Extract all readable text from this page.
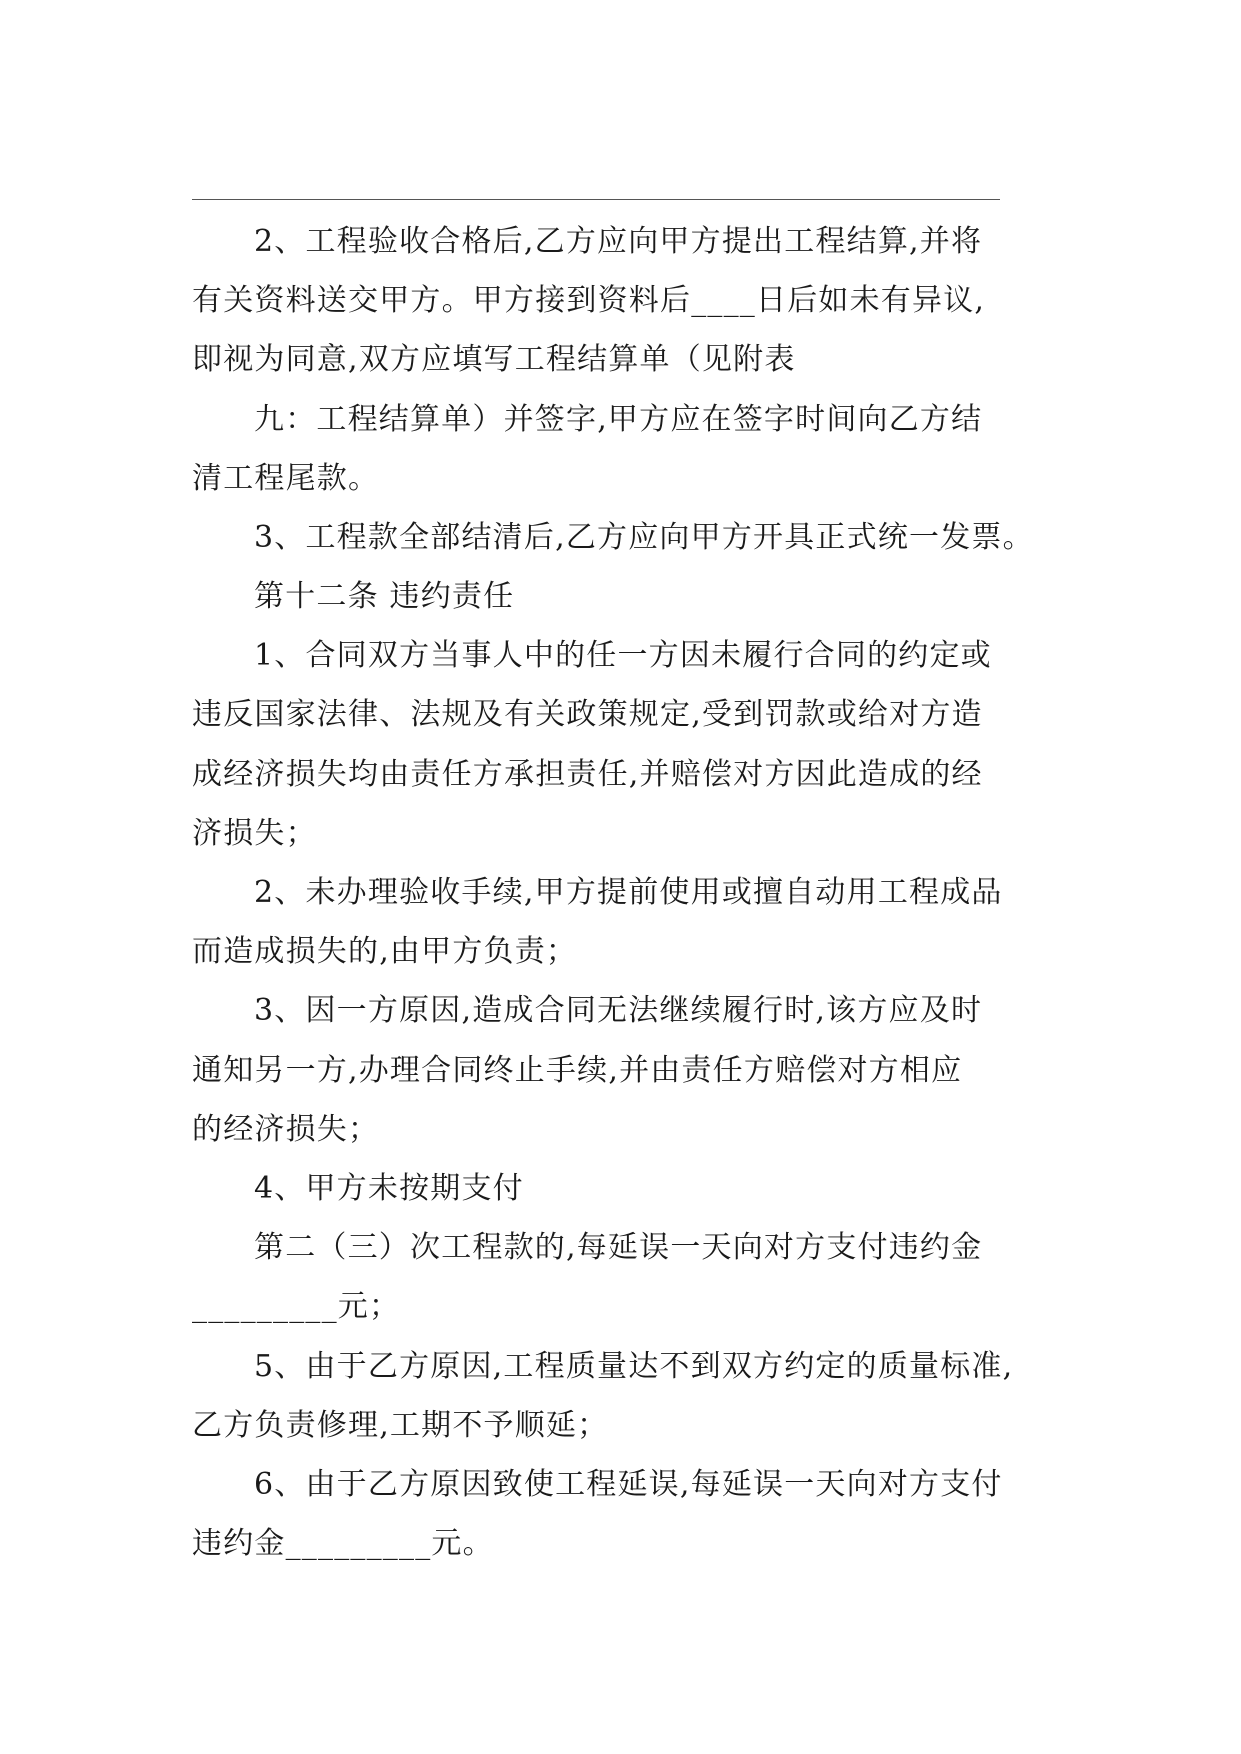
2、工程验收合格后,乙方应向甲方提出工程结算,并将
有关资料送交甲方。甲方接到资料后____日后如未有异议,
即视为同意,双方应填写工程结算单（见附表
九：工程结算单）并签字,甲方应在签字时间向乙方结
清工程尾款。
3、工程款全部结清后,乙方应向甲方开具正式统一发票。
第十二条 违约责任
1、合同双方当事人中的任一方因未履行合同的约定或
违反国家法律、法规及有关政策规定,受到罚款或给对方造
成经济损失均由责任方承担责任,并赔偿对方因此造成的经
济损失；
2、未办理验收手续,甲方提前使用或擅自动用工程成品
而造成损失的,由甲方负责；
3、因一方原因,造成合同无法继续履行时,该方应及时
通知另一方,办理合同终止手续,并由责任方赔偿对方相应
的经济损失；
4、甲方未按期支付
第二（三）次工程款的,每延误一天向对方支付违约金
_________元；
5、由于乙方原因,工程质量达不到双方约定的质量标准,
乙方负责修理,工期不予顺延；
6、由于乙方原因致使工程延误,每延误一天向对方支付
违约金_________元。
